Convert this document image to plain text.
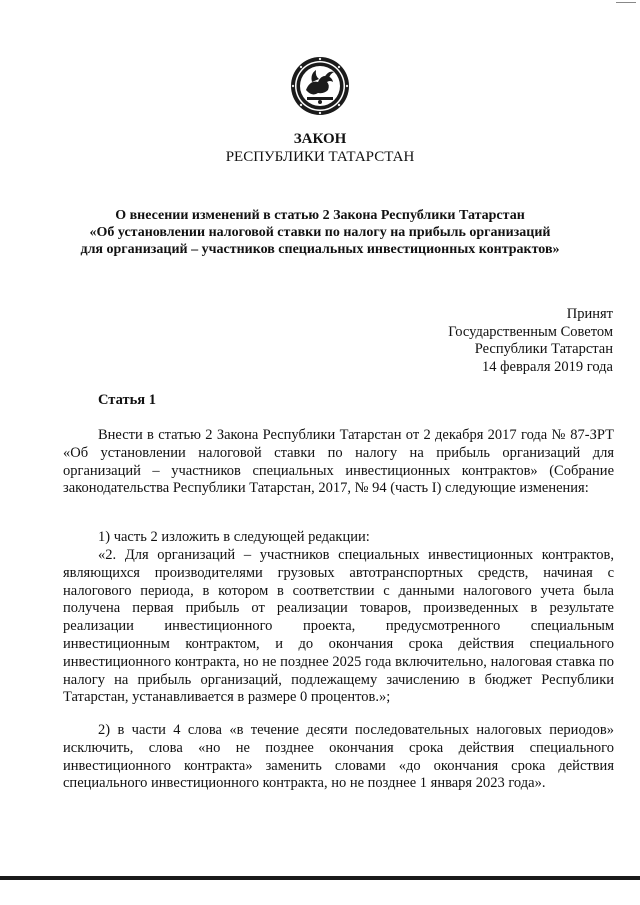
ЗАКОН
РЕСПУБЛИКИ ТАТАРСТАН
О внесении изменений в статью 2 Закона Республики Татарстан
«Об установлении налоговой ставки по налогу на прибыль организаций
для организаций – участников специальных инвестиционных контрактов»
Принят
Государственным Советом
Республики Татарстан
14 февраля 2019 года
Статья 1

Внести в статью 2 Закона Республики Татарстан от 2 декабря 2017 года № 87-ЗРТ «Об установлении налоговой ставки по налогу на прибыль организаций для организаций – участников специальных инвестиционных контрактов» (Собрание законодательства Республики Татарстан, 2017, № 94 (часть I) следующие изменения:

1) часть 2 изложить в следующей редакции:

«2. Для организаций – участников специальных инвестиционных контрактов, являющихся производителями грузовых автотранспортных средств, начиная с налогового периода, в котором в соответствии с данными налогового учета была получена первая прибыль от реализации товаров, произведенных в результате реализации инвестиционного проекта, предусмотренного специальным инвестиционным контрактом, и до окончания срока действия специального инвестиционного контракта, но не позднее 2025 года включительно, налоговая ставка по налогу на прибыль организаций, подлежащему зачислению в бюджет Республики Татарстан, устанавливается в размере 0 процентов.»;

2) в части 4 слова «в течение десяти последовательных налоговых периодов» исключить, слова «но не позднее окончания срока действия специального инвестиционного контракта» заменить словами «до окончания срока действия специального инвестиционного контракта, но не позднее 1 января 2023 года».
